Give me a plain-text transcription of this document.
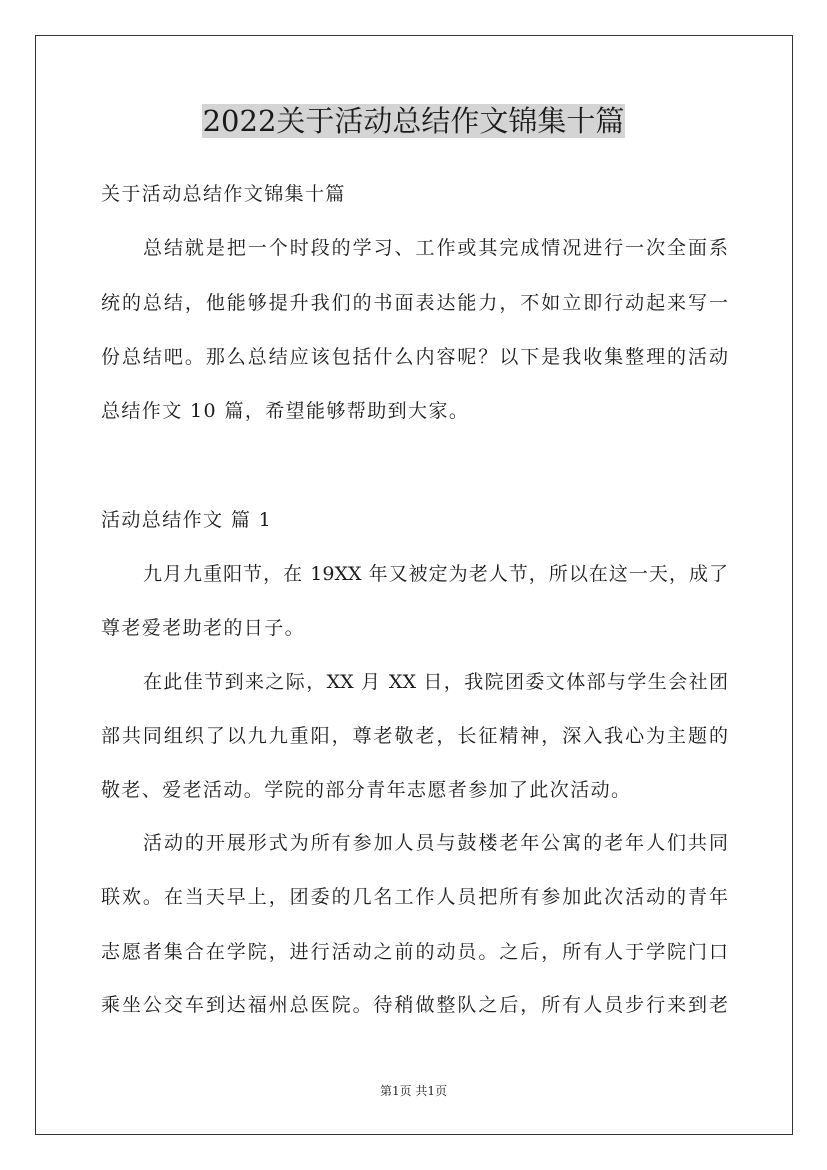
2022关于活动总结作文锦集十篇
关于活动总结作文锦集十篇
总结就是把一个时段的学习、工作或其完成情况进行一次全面系
统的总结，他能够提升我们的书面表达能力，不如立即行动起来写一
份总结吧。那么总结应该包括什么内容呢？以下是我收集整理的活动
总结作文 10 篇，希望能够帮助到大家。
活动总结作文 篇 1
九月九重阳节，在 19XX 年又被定为老人节，所以在这一天，成了
尊老爱老助老的日子。
在此佳节到来之际，XX 月 XX 日，我院团委文体部与学生会社团
部共同组织了以九九重阳，尊老敬老，长征精神，深入我心为主题的
敬老、爱老活动。学院的部分青年志愿者参加了此次活动。
活动的开展形式为所有参加人员与鼓楼老年公寓的老年人们共同
联欢。在当天早上，团委的几名工作人员把所有参加此次活动的青年
志愿者集合在学院，进行活动之前的动员。之后，所有人于学院门口
乘坐公交车到达福州总医院。待稍做整队之后，所有人员步行来到老
第1页 共1页
